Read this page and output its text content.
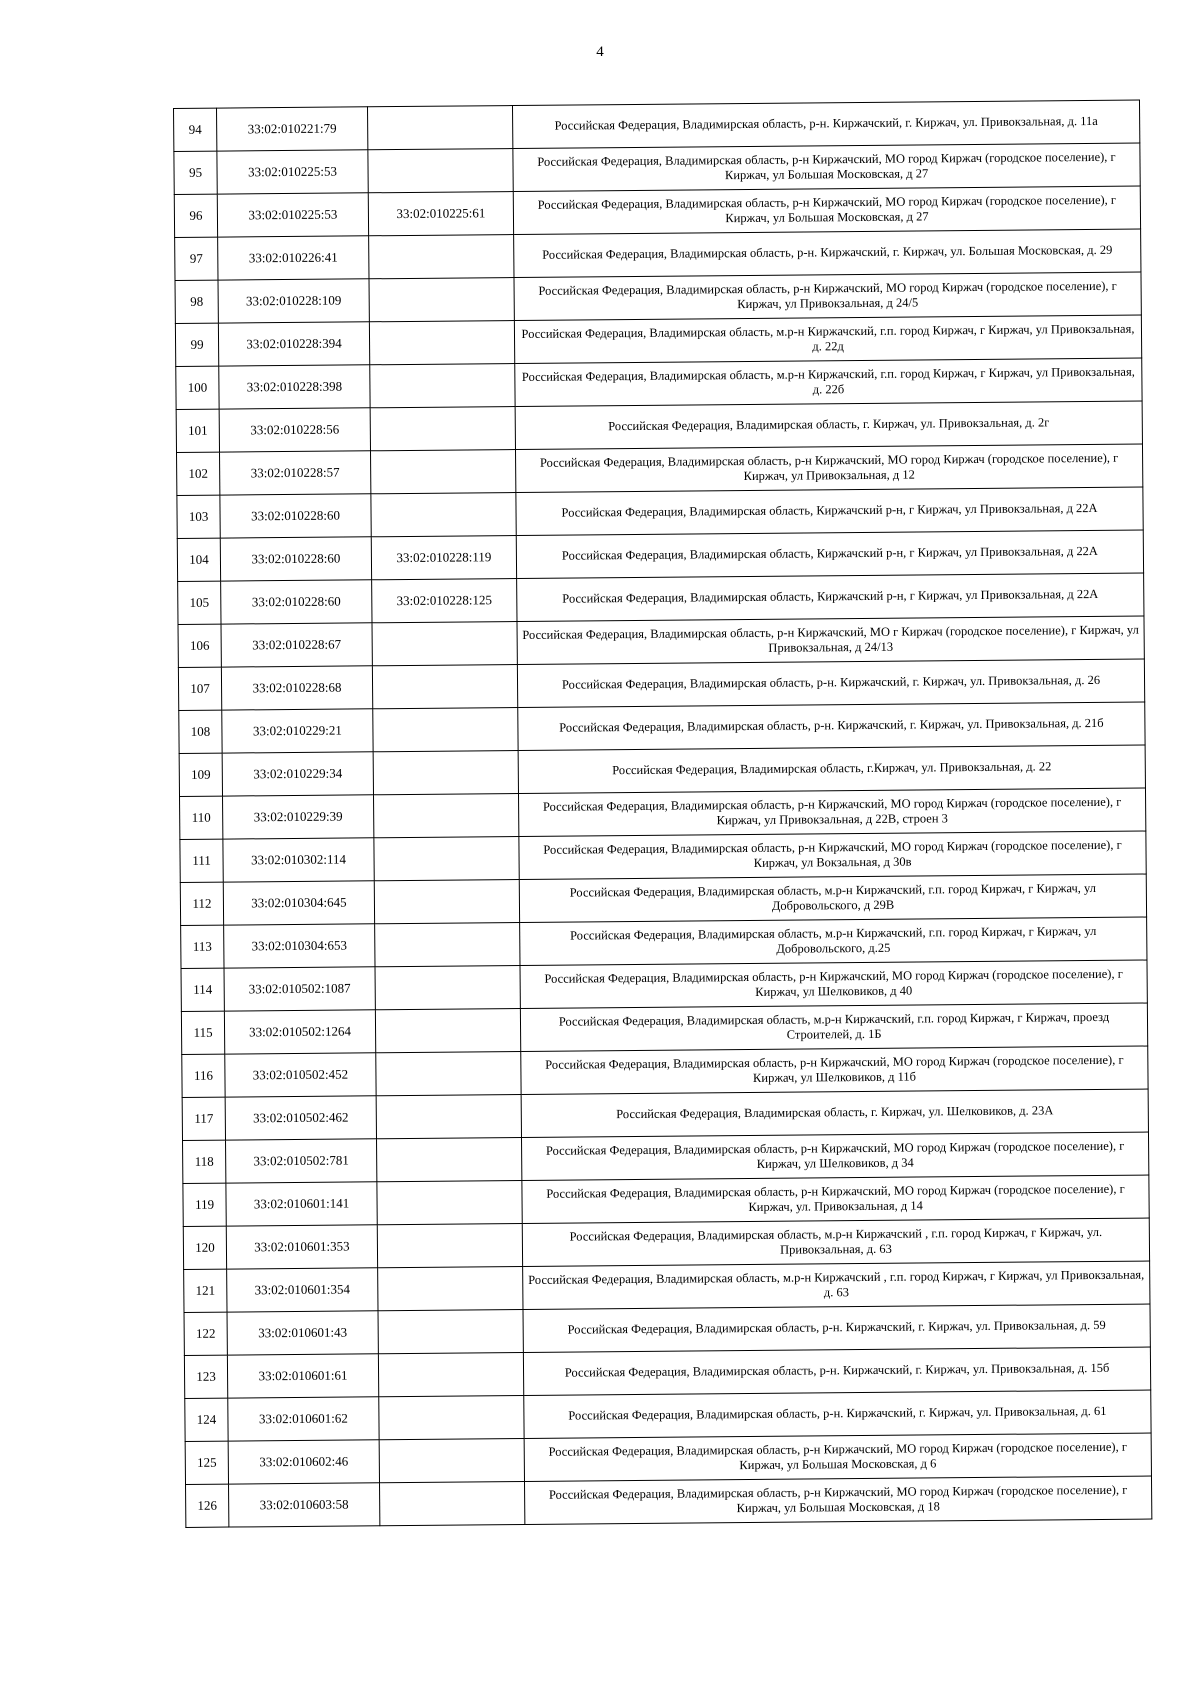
4
94	33:02:010221:79		Российская Федерация, Владимирская область, р-н. Киржачский, г. Киржач, ул. Привокзальная, д. 11а
95	33:02:010225:53		Российская Федерация, Владимирская область, р-н Киржачский, МО город Киржач (городское поселение), г Киржач, ул Большая Московская, д 27
96	33:02:010225:53	33:02:010225:61	Российская Федерация, Владимирская область, р-н Киржачский, МО город Киржач (городское поселение), г Киржач, ул Большая Московская, д 27
97	33:02:010226:41		Российская Федерация, Владимирская область, р-н. Киржачский, г. Киржач, ул. Большая Московская, д. 29
98	33:02:010228:109		Российская Федерация, Владимирская область, р-н Киржачский, МО город Киржач (городское поселение), г Киржач, ул Привокзальная, д 24/5
99	33:02:010228:394		Российская Федерация, Владимирская область, м.р-н Киржачский, г.п. город Киржач, г Киржач, ул Привокзальная, д. 22д
100	33:02:010228:398		Российская Федерация, Владимирская область, м.р-н Киржачский, г.п. город Киржач, г Киржач, ул Привокзальная, д. 22б
101	33:02:010228:56		Российская Федерация, Владимирская область, г. Киржач, ул. Привокзальная, д. 2г
102	33:02:010228:57		Российская Федерация, Владимирская область, р-н Киржачский, МО город Киржач (городское поселение), г Киржач, ул Привокзальная, д 12
103	33:02:010228:60		Российская Федерация, Владимирская область, Киржачский р-н, г Киржач, ул Привокзальная, д 22А
104	33:02:010228:60	33:02:010228:119	Российская Федерация, Владимирская область, Киржачский р-н, г Киржач, ул Привокзальная, д 22А
105	33:02:010228:60	33:02:010228:125	Российская Федерация, Владимирская область, Киржачский р-н, г Киржач, ул Привокзальная, д 22А
106	33:02:010228:67		Российская Федерация, Владимирская область, р-н Киржачский, МО г Киржач (городское поселение), г Киржач, ул Привокзальная, д 24/13
107	33:02:010228:68		Российская Федерация, Владимирская область, р-н. Киржачский, г. Киржач, ул. Привокзальная, д. 26
108	33:02:010229:21		Российская Федерация, Владимирская область, р-н. Киржачский, г. Киржач, ул. Привокзальная, д. 21б
109	33:02:010229:34		Российская Федерация, Владимирская область, г.Киржач, ул. Привокзальная, д. 22
110	33:02:010229:39		Российская Федерация, Владимирская область, р-н Киржачский, МО город Киржач (городское поселение), г Киржач, ул Привокзальная, д 22В, строен 3
111	33:02:010302:114		Российская Федерация, Владимирская область, р-н Киржачский, МО город Киржач (городское поселение), г Киржач, ул Вокзальная, д 30в
112	33:02:010304:645		Российская Федерация, Владимирская область, м.р-н Киржачский, г.п. город Киржач, г Киржач, ул Добровольского, д 29В
113	33:02:010304:653		Российская Федерация, Владимирская область, м.р-н Киржачский, г.п. город Киржач, г Киржач, ул Добровольского, д.25
114	33:02:010502:1087		Российская Федерация, Владимирская область, р-н Киржачский, МО город Киржач (городское поселение), г Киржач, ул Шелковиков, д 40
115	33:02:010502:1264		Российская Федерация, Владимирская область, м.р-н Киржачский, г.п. город Киржач, г Киржач, проезд Строителей, д. 1Б
116	33:02:010502:452		Российская Федерация, Владимирская область, р-н Киржачский, МО город Киржач (городское поселение), г Киржач, ул Шелковиков, д 11б
117	33:02:010502:462		Российская Федерация, Владимирская область, г. Киржач, ул. Шелковиков, д. 23А
118	33:02:010502:781		Российская Федерация, Владимирская область, р-н Киржачский, МО город Киржач (городское поселение), г Киржач, ул Шелковиков, д 34
119	33:02:010601:141		Российская Федерация, Владимирская область, р-н Киржачский, МО город Киржач (городское поселение), г Киржач, ул. Привокзальная, д 14
120	33:02:010601:353		Российская Федерация, Владимирская область, м.р-н Киржачский , г.п. город Киржач, г Киржач, ул. Привокзальная, д. 63
121	33:02:010601:354		Российская Федерация, Владимирская область, м.р-н Киржачский , г.п. город Киржач, г Киржач, ул Привокзальная, д. 63
122	33:02:010601:43		Российская Федерация, Владимирская область, р-н. Киржачский, г. Киржач, ул. Привокзальная, д. 59
123	33:02:010601:61		Российская Федерация, Владимирская область, р-н. Киржачский, г. Киржач, ул. Привокзальная, д. 15б
124	33:02:010601:62		Российская Федерация, Владимирская область, р-н. Киржачский, г. Киржач, ул. Привокзальная, д. 61
125	33:02:010602:46		Российская Федерация, Владимирская область, р-н Киржачский, МО город Киржач (городское поселение), г Киржач, ул Большая Московская, д 6
126	33:02:010603:58		Российская Федерация, Владимирская область, р-н Киржачский, МО город Киржач (городское поселение), г Киржач, ул Большая Московская, д 18
